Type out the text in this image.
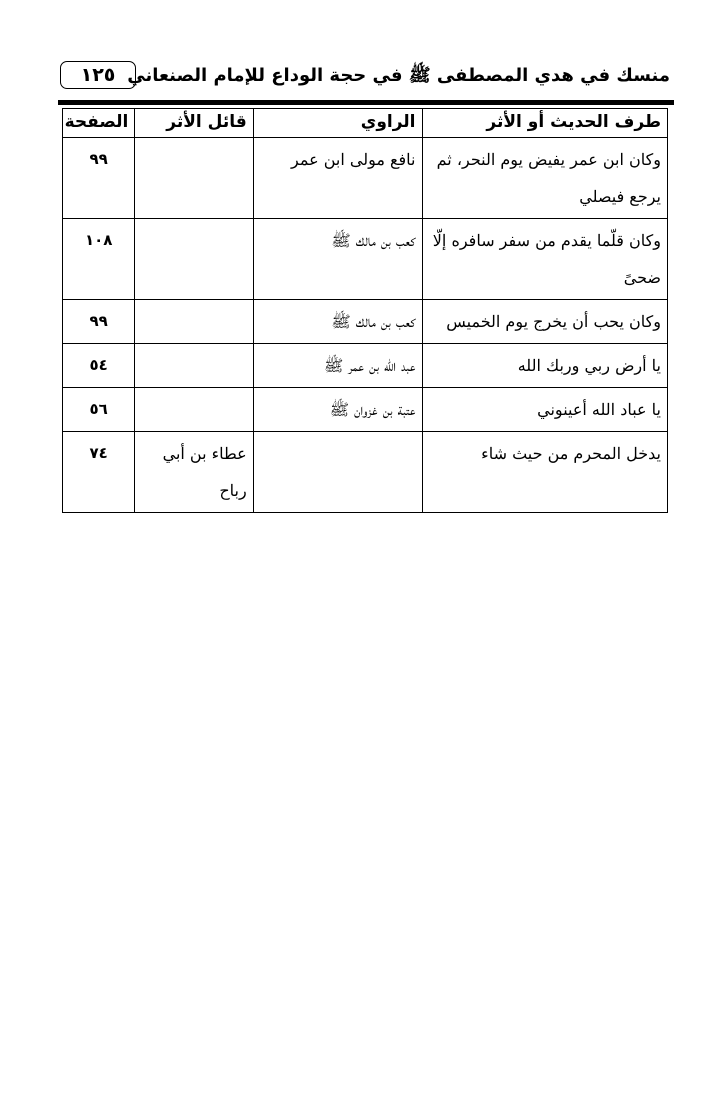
١٢٥ منسك في هدي المصطفى ﷺ في حجة الوداع للإمام الصنعاني
طرف الحديث أو الأثر	الراوي	قائل الأثر	الصفحة
وكان ابن عمر يفيض يوم النحر، ثم يرجع فيصلي	نافع مولى ابن عمر		٩٩
وكان قلّما يقدم من سفر سافره إلّا ضحىً	كعب بن مالك ﷺ		١٠٨
وكان يحب أن يخرج يوم الخميس	كعب بن مالك ﷺ		٩٩
يا أرض ربي وربك الله	عبد الله بن عمر ﷺ		٥٤
يا عباد الله أعينوني	عتبة بن غزوان ﷺ		٥٦
يدخل المحرم من حيث شاء		عطاء بن أبي رباح	٧٤
